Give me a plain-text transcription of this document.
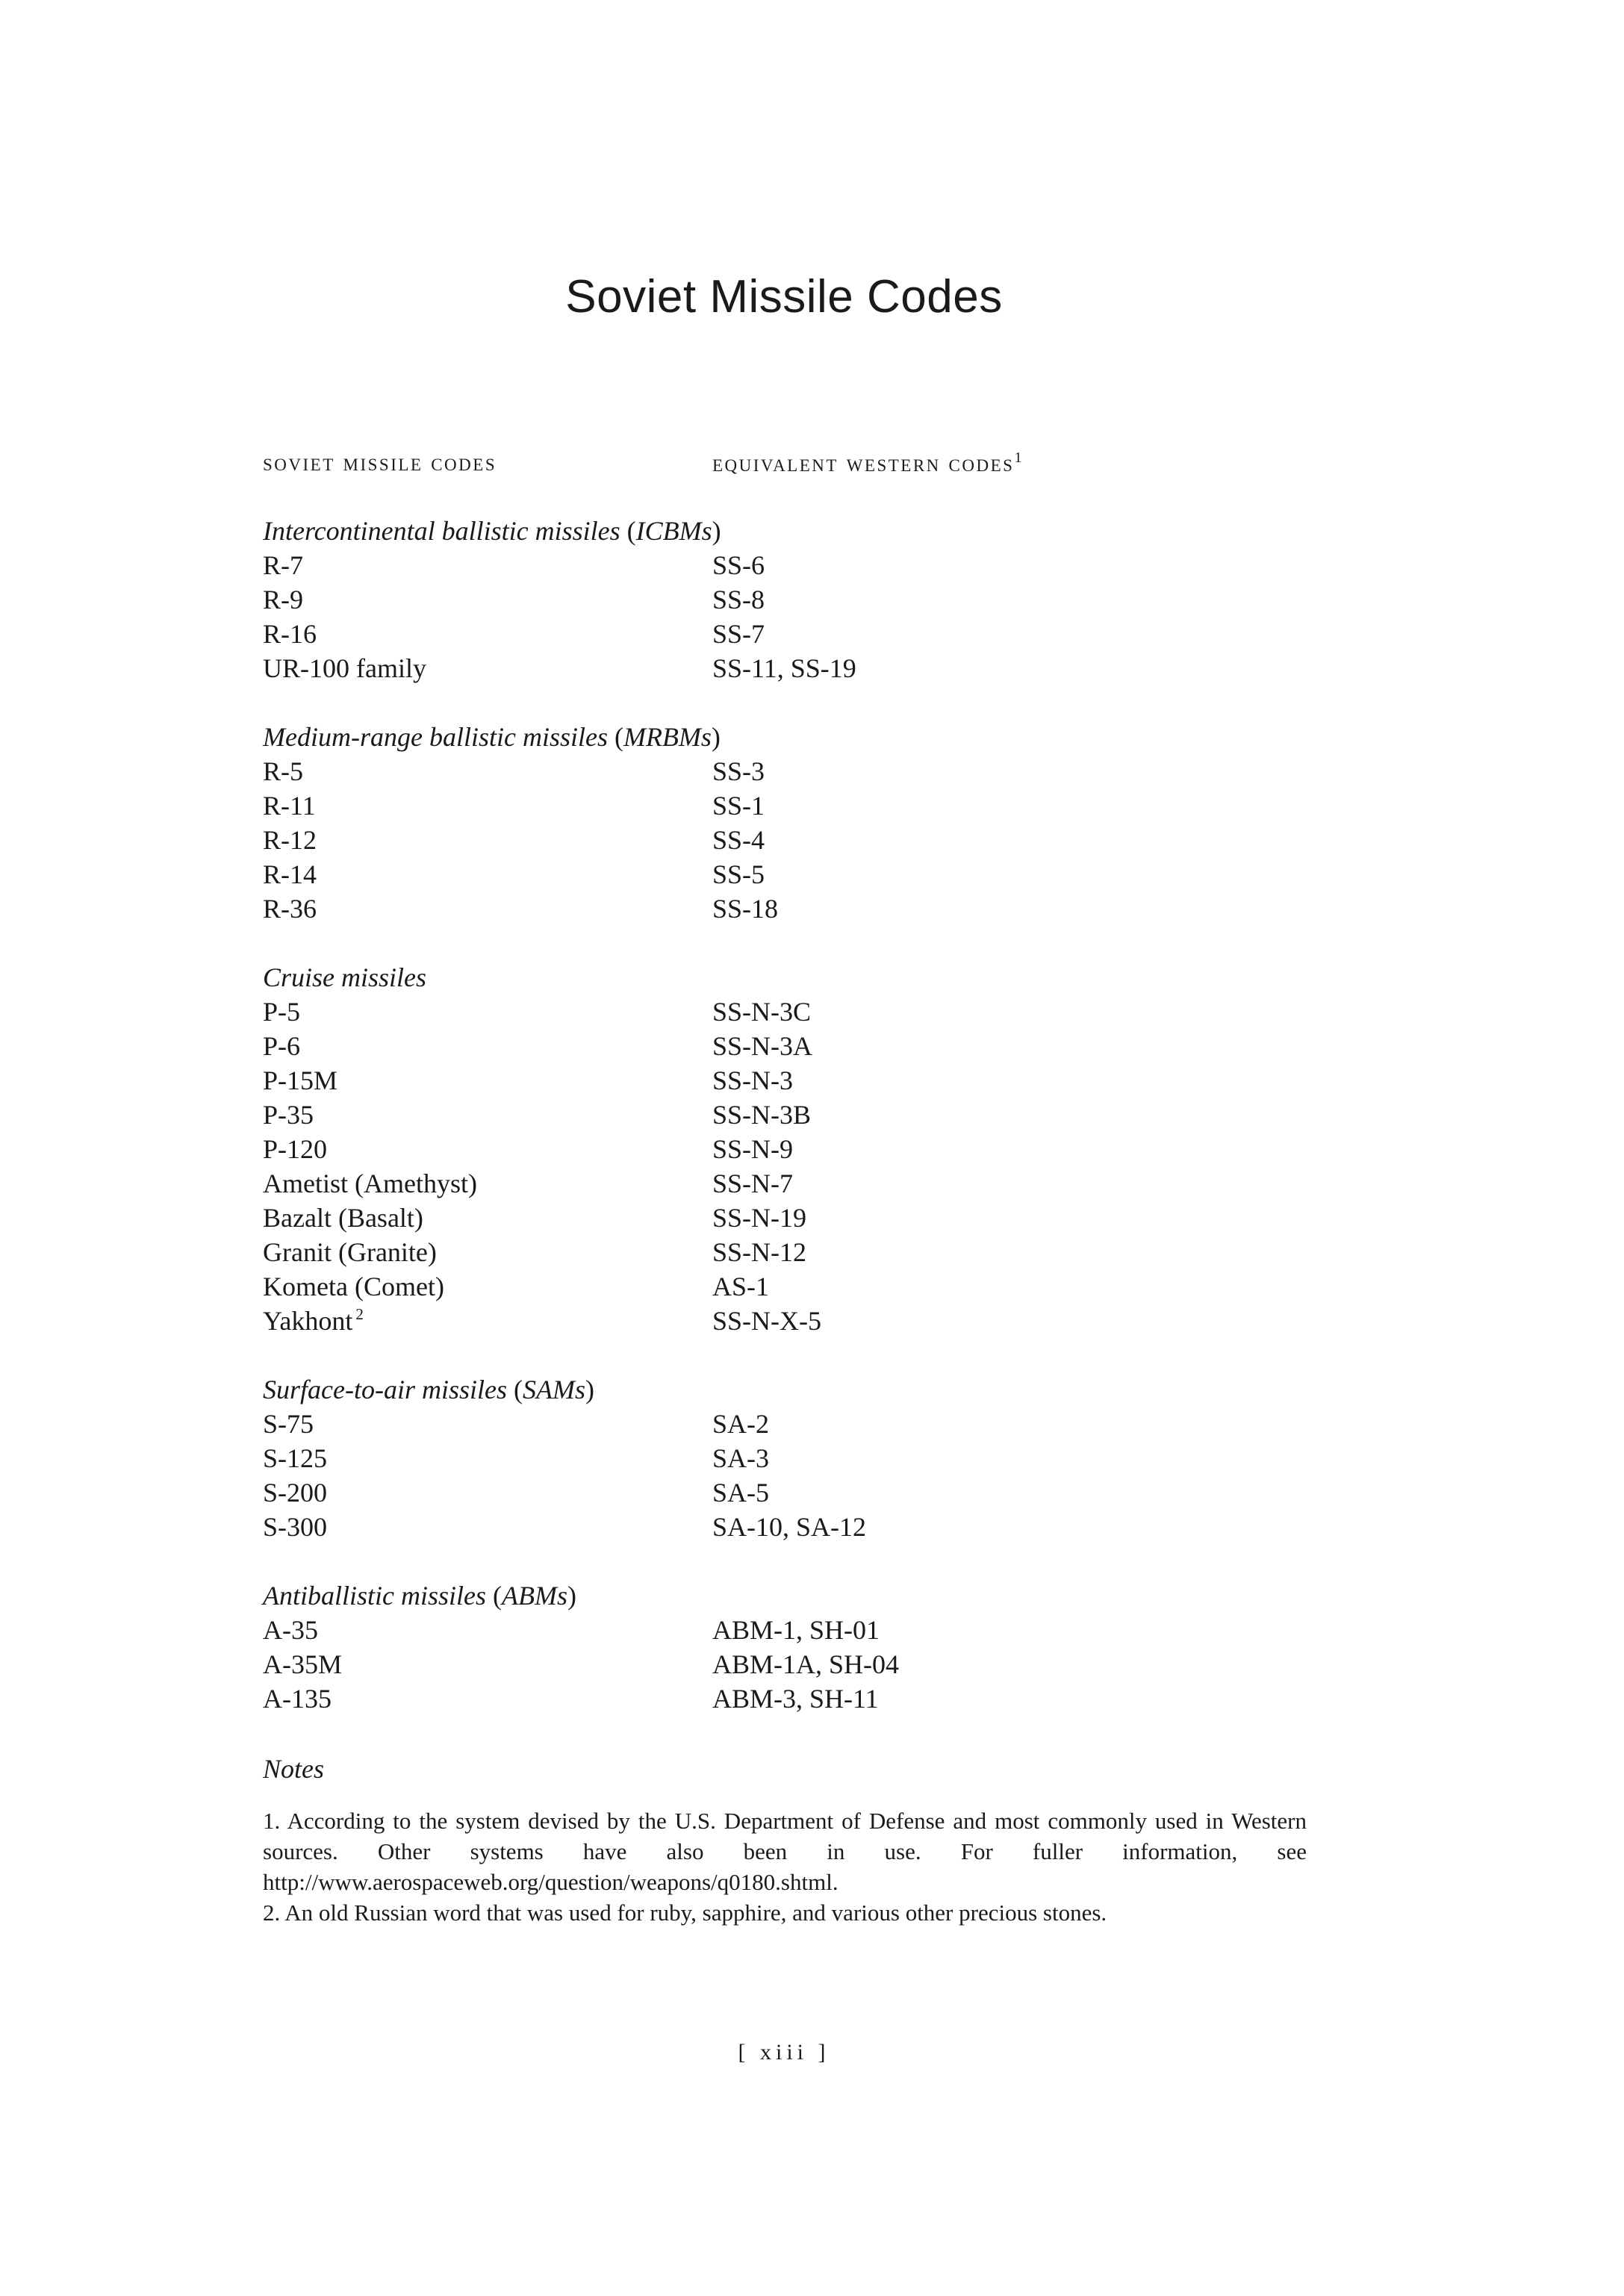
Soviet Missile Codes
soviet missile codes	equivalent western codes$^1$
Intercontinental ballistic missiles (ICBMs)
R-7	SS-6
R-9	SS-8
R-16	SS-7
UR-100 family	SS-11, SS-19
Medium-range ballistic missiles (MRBMs)
R-5	SS-3
R-11	SS-1
R-12	SS-4
R-14	SS-5
R-36	SS-18
Cruise missiles
P-5	SS-N-3C
P-6	SS-N-3A
P-15M	SS-N-3
P-35	SS-N-3B
P-120	SS-N-9
Ametist (Amethyst)	SS-N-7
Bazalt (Basalt)	SS-N-19
Granit (Granite)	SS-N-12
Kometa (Comet)	AS-1
Yakhont $^2$	SS-N-X-5
Surface-to-air missiles (SAMs)
S-75	SA-2
S-125	SA-3
S-200	SA-5
S-300	SA-10, SA-12
Antiballistic missiles (ABMs)
A-35	ABM-1, SH-01
A-35M	ABM-1A, SH-04
A-135	ABM-3, SH-11
Notes
1. According to the system devised by the U.S. Department of Defense and most commonly used in Western sources. Other systems have also been in use. For fuller information, see http://www.aerospaceweb.org/question/weapons/q0180.shtml.
2. An old Russian word that was used for ruby, sapphire, and various other precious stones.
[ xiii ]
